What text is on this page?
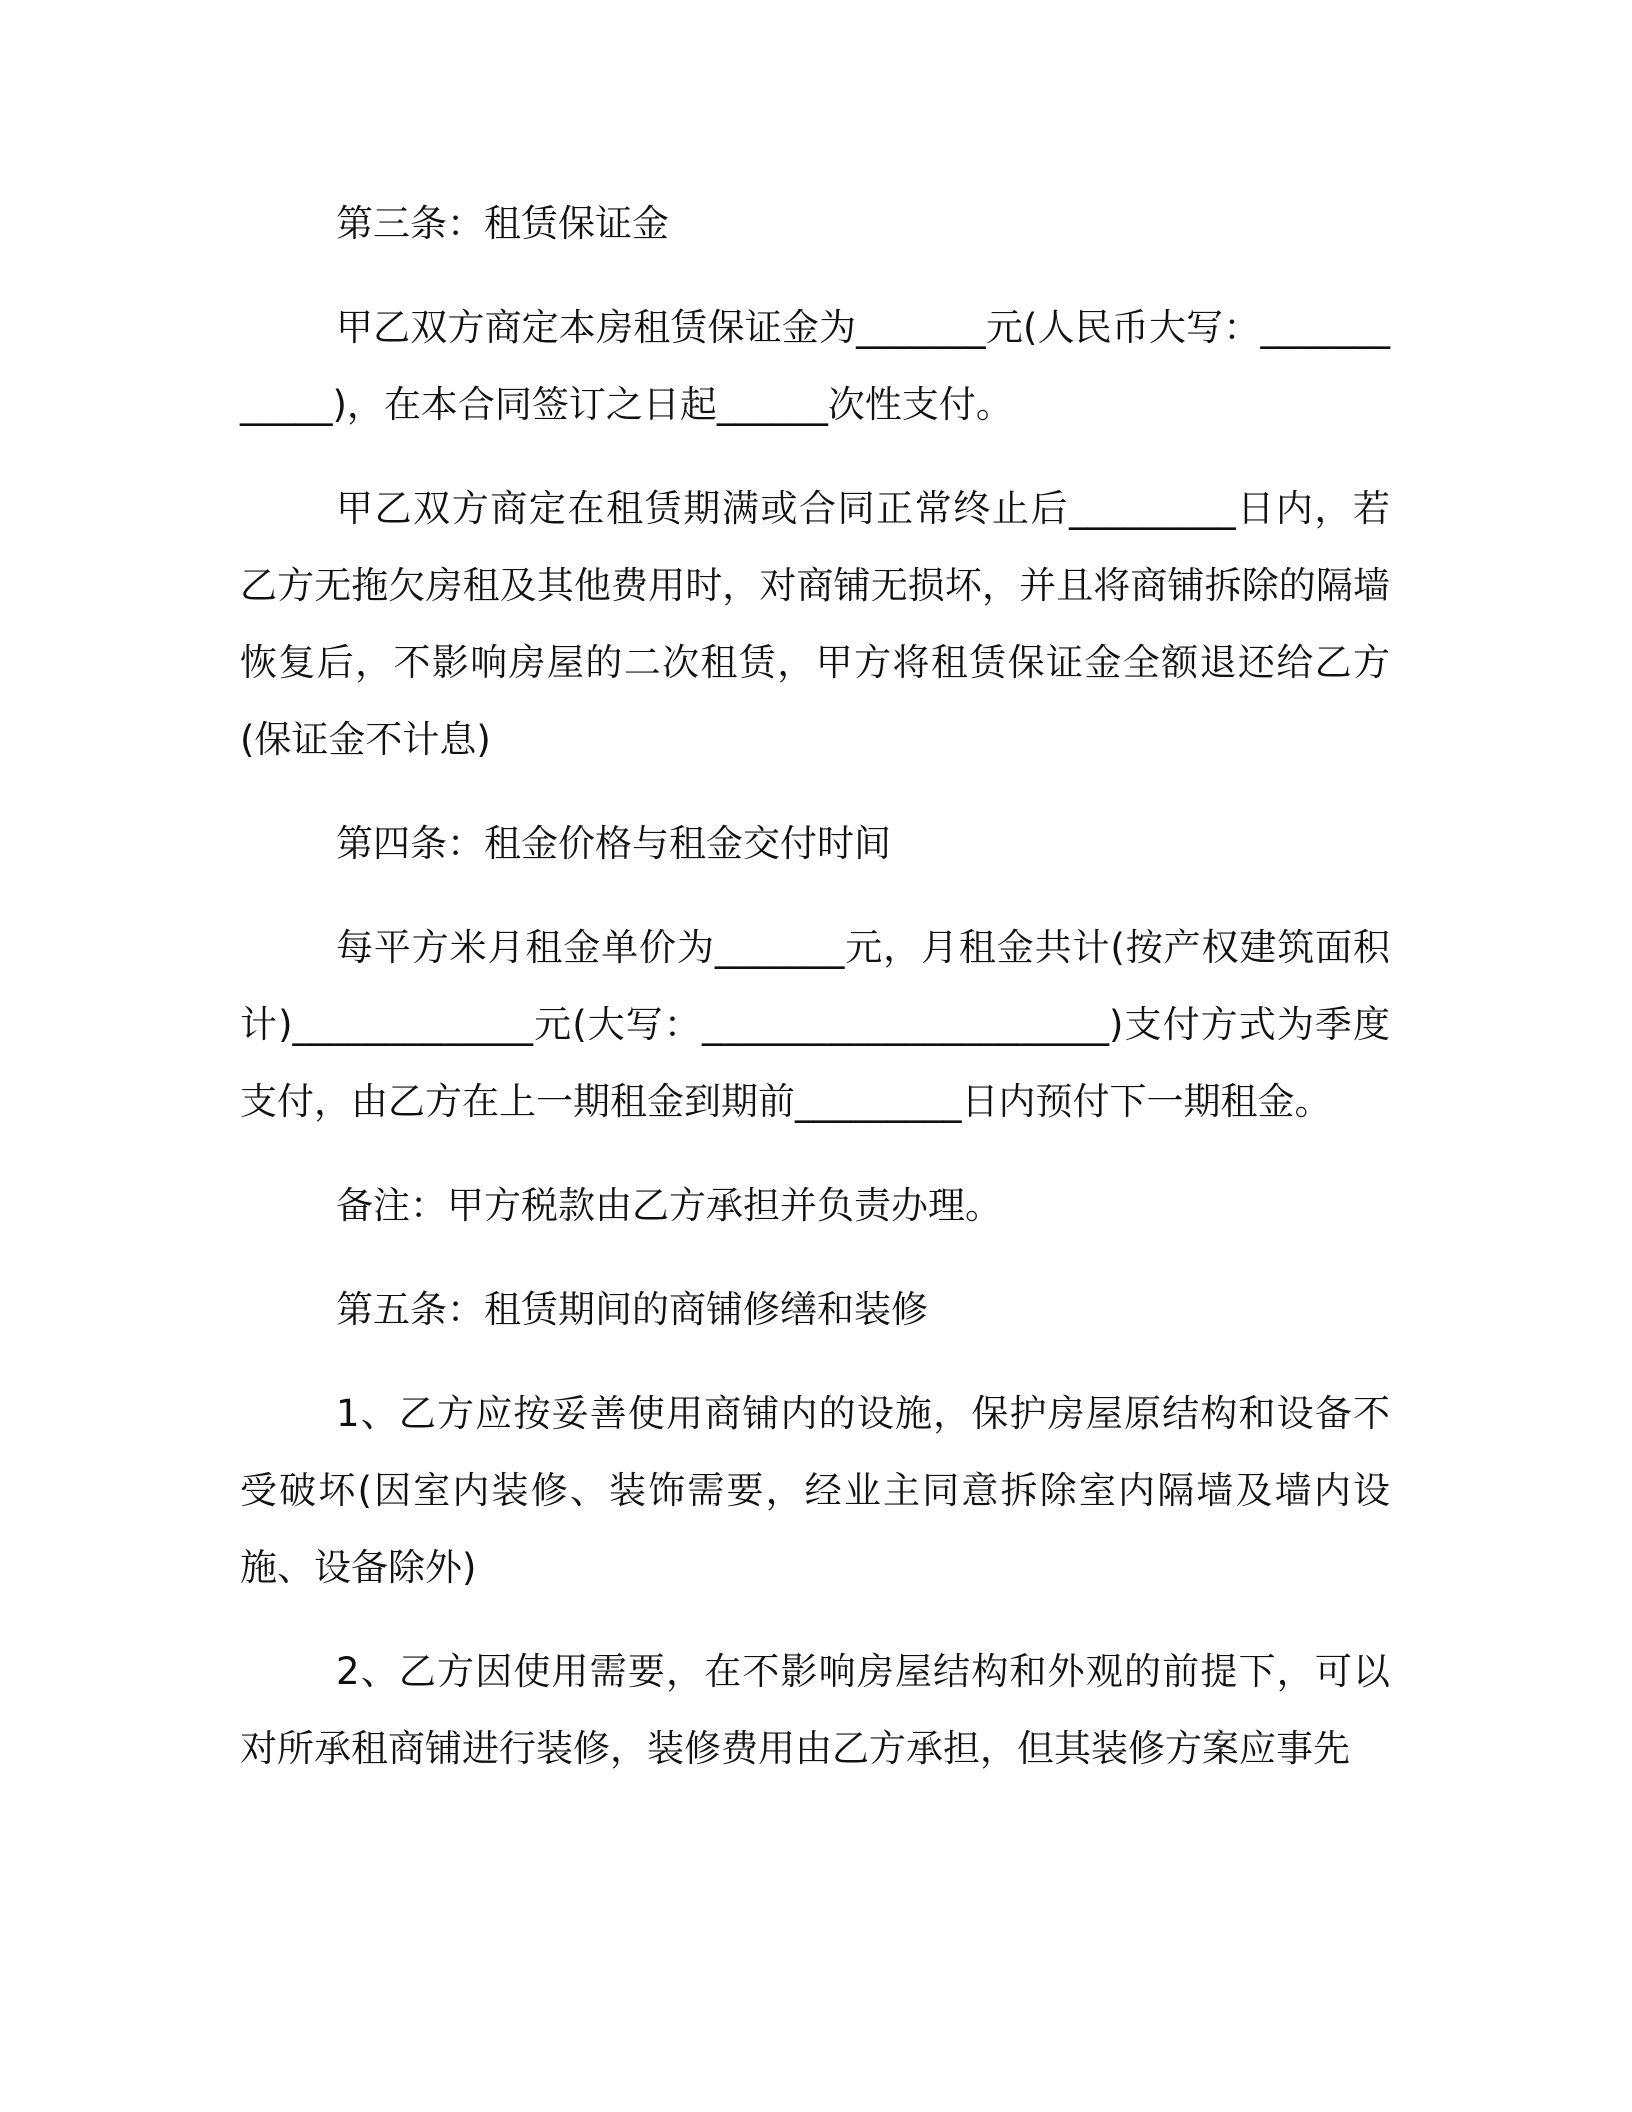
第三条：租赁保证金

甲乙双方商定本房租赁保证金为_______元(人民币大写：____________)，在本合同签订之日起______次性支付。

甲乙双方商定在租赁期满或合同正常终止后_________日内，若乙方无拖欠房租及其他费用时，对商铺无损坏，并且将商铺拆除的隔墙恢复后，不影响房屋的二次租赁，甲方将租赁保证金全额退还给乙方(保证金不计息)

第四条：租金价格与租金交付时间

每平方米月租金单价为_______元，月租金共计(按产权建筑面积计)_____________元(大写：______________________)支付方式为季度支付，由乙方在上一期租金到期前_________日内预付下一期租金。

备注：甲方税款由乙方承担并负责办理。

第五条：租赁期间的商铺修缮和装修

1、乙方应按妥善使用商铺内的设施，保护房屋原结构和设备不受破坏(因室内装修、装饰需要，经业主同意拆除室内隔墙及墙内设施、设备除外)

2、乙方因使用需要，在不影响房屋结构和外观的前提下，可以对所承租商铺进行装修，装修费用由乙方承担，但其装修方案应事先
